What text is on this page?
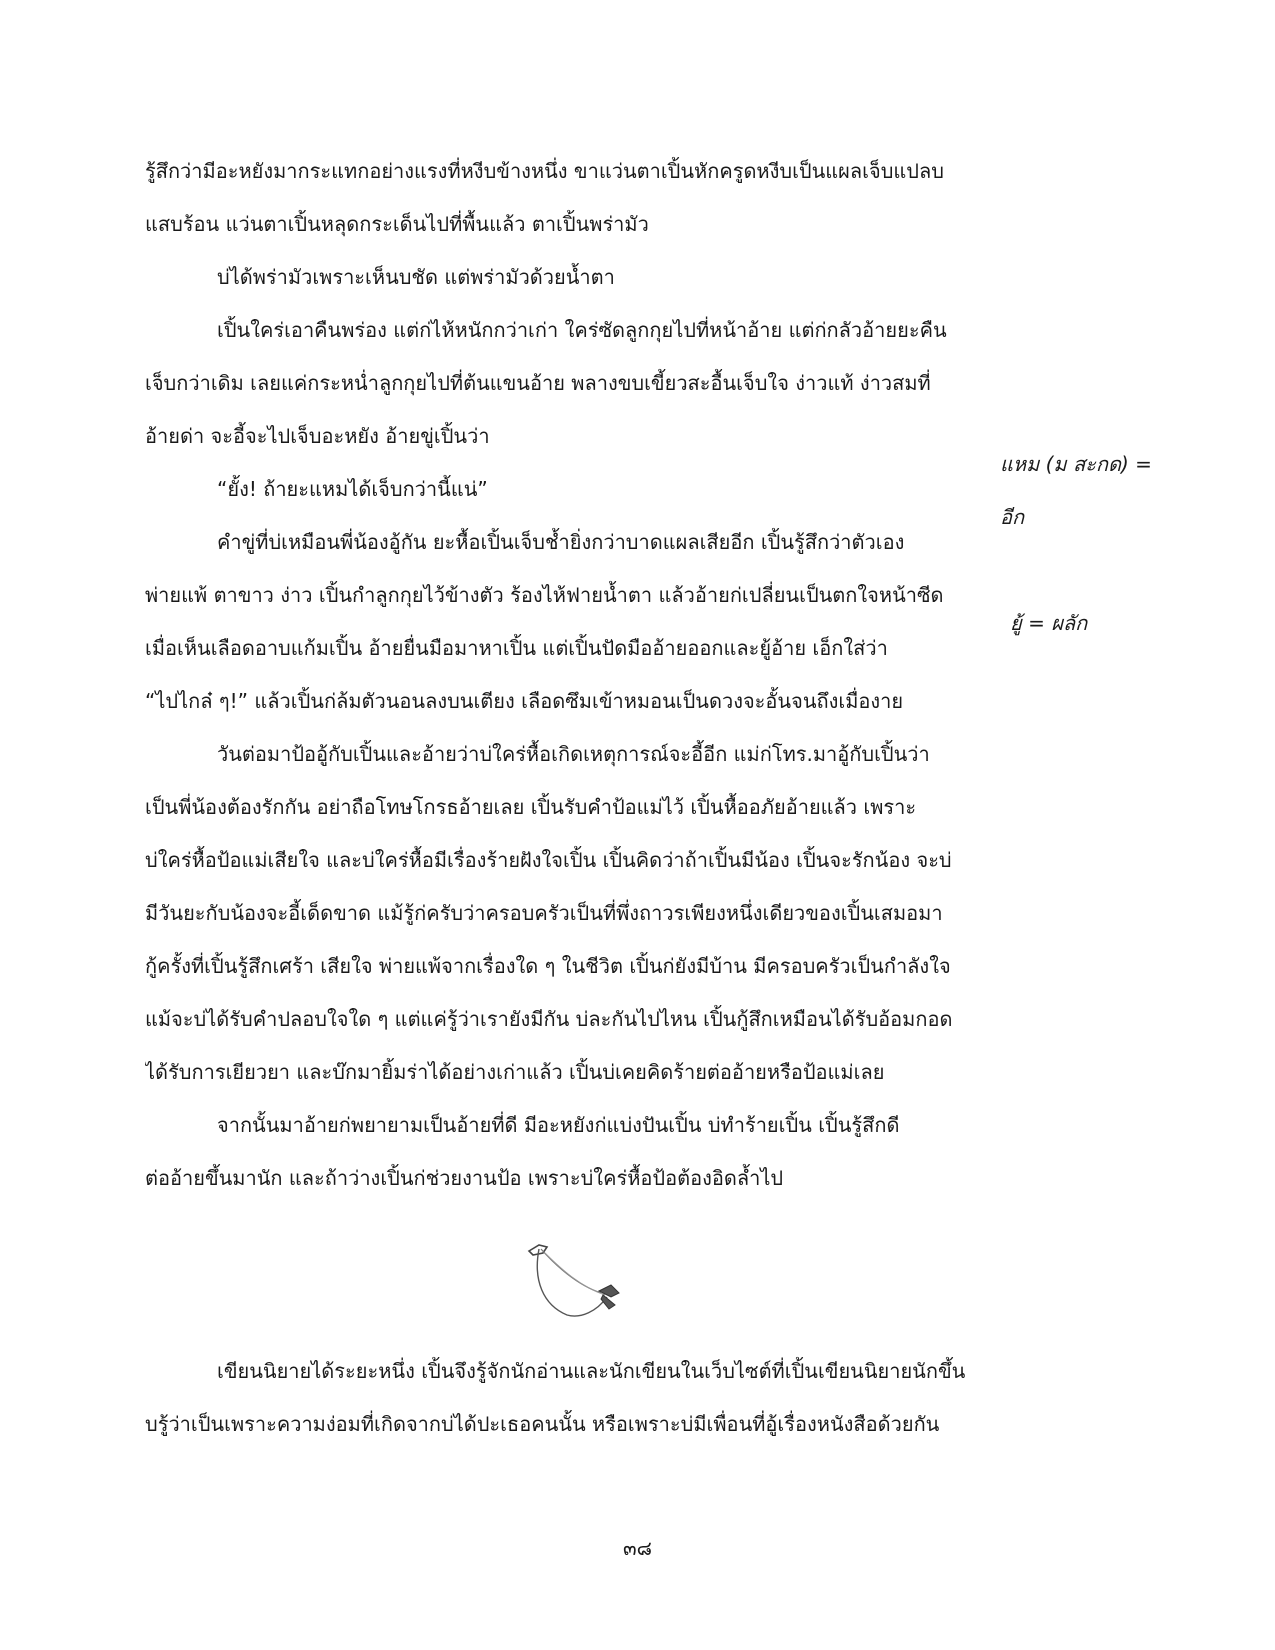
รู้สึกว่ามีอะหยังมากระแทกอย่างแรงที่หงีบข้างหนึ่ง ขาแว่นตาเปิ้นหักครูดหงีบเป็นแผลเจ็บแปลบ
แสบร้อน แว่นตาเปิ้นหลุดกระเด็นไปที่พื้นแล้ว ตาเปิ้นพร่ามัว
บ่ได้พร่ามัวเพราะเห็นบชัด แต่พร่ามัวด้วยน้ำตา
เปิ้นใคร่เอาคืนพร่อง แต่ก่ไห้หนักกว่าเก่า ใคร่ซัดลูกกุยไปที่หน้าอ้าย แต่ก่กลัวอ้ายยะคืน
เจ็บกว่าเดิม เลยแค่กระหน่ำลูกกุยไปที่ต้นแขนอ้าย พลางขบเขี้ยวสะอื้นเจ็บใจ ง่าวแท้ ง่าวสมที่
อ้ายด่า จะอี้จะไปเจ็บอะหยัง อ้ายขู่เปิ้นว่า
“ยั้ง! ถ้ายะแหมได้เจ็บกว่านี้แน่”
คำขู่ที่บ่เหมือนพี่น้องอู้กัน ยะหื้อเปิ้นเจ็บช้ำยิ่งกว่าบาดแผลเสียอีก เปิ้นรู้สึกว่าตัวเอง
พ่ายแพ้ ตาขาว ง่าว เปิ้นกำลูกกุยไว้ข้างตัว ร้องไห้ฟายน้ำตา แล้วอ้ายก่เปลี่ยนเป็นตกใจหน้าซีด
เมื่อเห็นเลือดอาบแก้มเปิ้น อ้ายยื่นมือมาหาเปิ้น แต่เปิ้นปัดมืออ้ายออกและยู้อ้าย เอ็กใส่ว่า
“ไปไกล๋ ๆ!” แล้วเปิ้นก่ล้มตัวนอนลงบนเตียง เลือดซึมเข้าหมอนเป็นดวงจะอั้นจนถึงเมื่องาย
วันต่อมาป้ออู้กับเปิ้นและอ้ายว่าบ่ใคร่หื้อเกิดเหตุการณ์จะอี้อีก แม่ก่โทร.มาอู้กับเปิ้นว่า
เป็นพี่น้องต้องรักกัน อย่าถือโทษโกรธอ้ายเลย เปิ้นรับคำป้อแม่ไว้ เปิ้นหื้ออภัยอ้ายแล้ว เพราะ
บ่ใคร่หื้อป้อแม่เสียใจ และบ่ใคร่หื้อมีเรื่องร้ายฝังใจเปิ้น เปิ้นคิดว่าถ้าเปิ้นมีน้อง เปิ้นจะรักน้อง จะบ่
มีวันยะกับน้องจะอี้เด็ดขาด แม้รู้ก่ครับว่าครอบครัวเป็นที่พึ่งถาวรเพียงหนึ่งเดียวของเปิ้นเสมอมา
กู้ครั้งที่เปิ้นรู้สึกเศร้า เสียใจ พ่ายแพ้จากเรื่องใด ๆ ในชีวิต เปิ้นก่ยังมีบ้าน มีครอบครัวเป็นกำลังใจ
แม้จะบ่ได้รับคำปลอบใจใด ๆ แต่แค่รู้ว่าเรายังมีกัน บ่ละกันไปไหน เปิ้นกู้สึกเหมือนได้รับอ้อมกอด
ได้รับการเยียวยา และบ๊กมายิ้มร่าได้อย่างเก่าแล้ว เปิ้นบ่เคยคิดร้ายต่ออ้ายหรือป้อแม่เลย
จากนั้นมาอ้ายก่พยายามเป็นอ้ายที่ดี มีอะหยังก่แบ่งปันเปิ้น บ่ทำร้ายเปิ้น เปิ้นรู้สึกดี
ต่ออ้ายขึ้นมานัก และถ้าว่างเปิ้นก่ช่วยงานป้อ เพราะบ่ใคร่หื้อป้อต้องอิดล้ำไป
แหม (ม สะกด) =
อีก
ยู้ = ผลัก
เขียนนิยายได้ระยะหนึ่ง เปิ้นจึงรู้จักนักอ่านและนักเขียนในเว็บไซต์ที่เปิ้นเขียนนิยายนักขึ้น
บรู้ว่าเป็นเพราะความง่อมที่เกิดจากบ่ได้ปะเธอคนนั้น หรือเพราะบ่มีเพื่อนที่อู้เรื่องหนังสือด้วยกัน
๓๘
